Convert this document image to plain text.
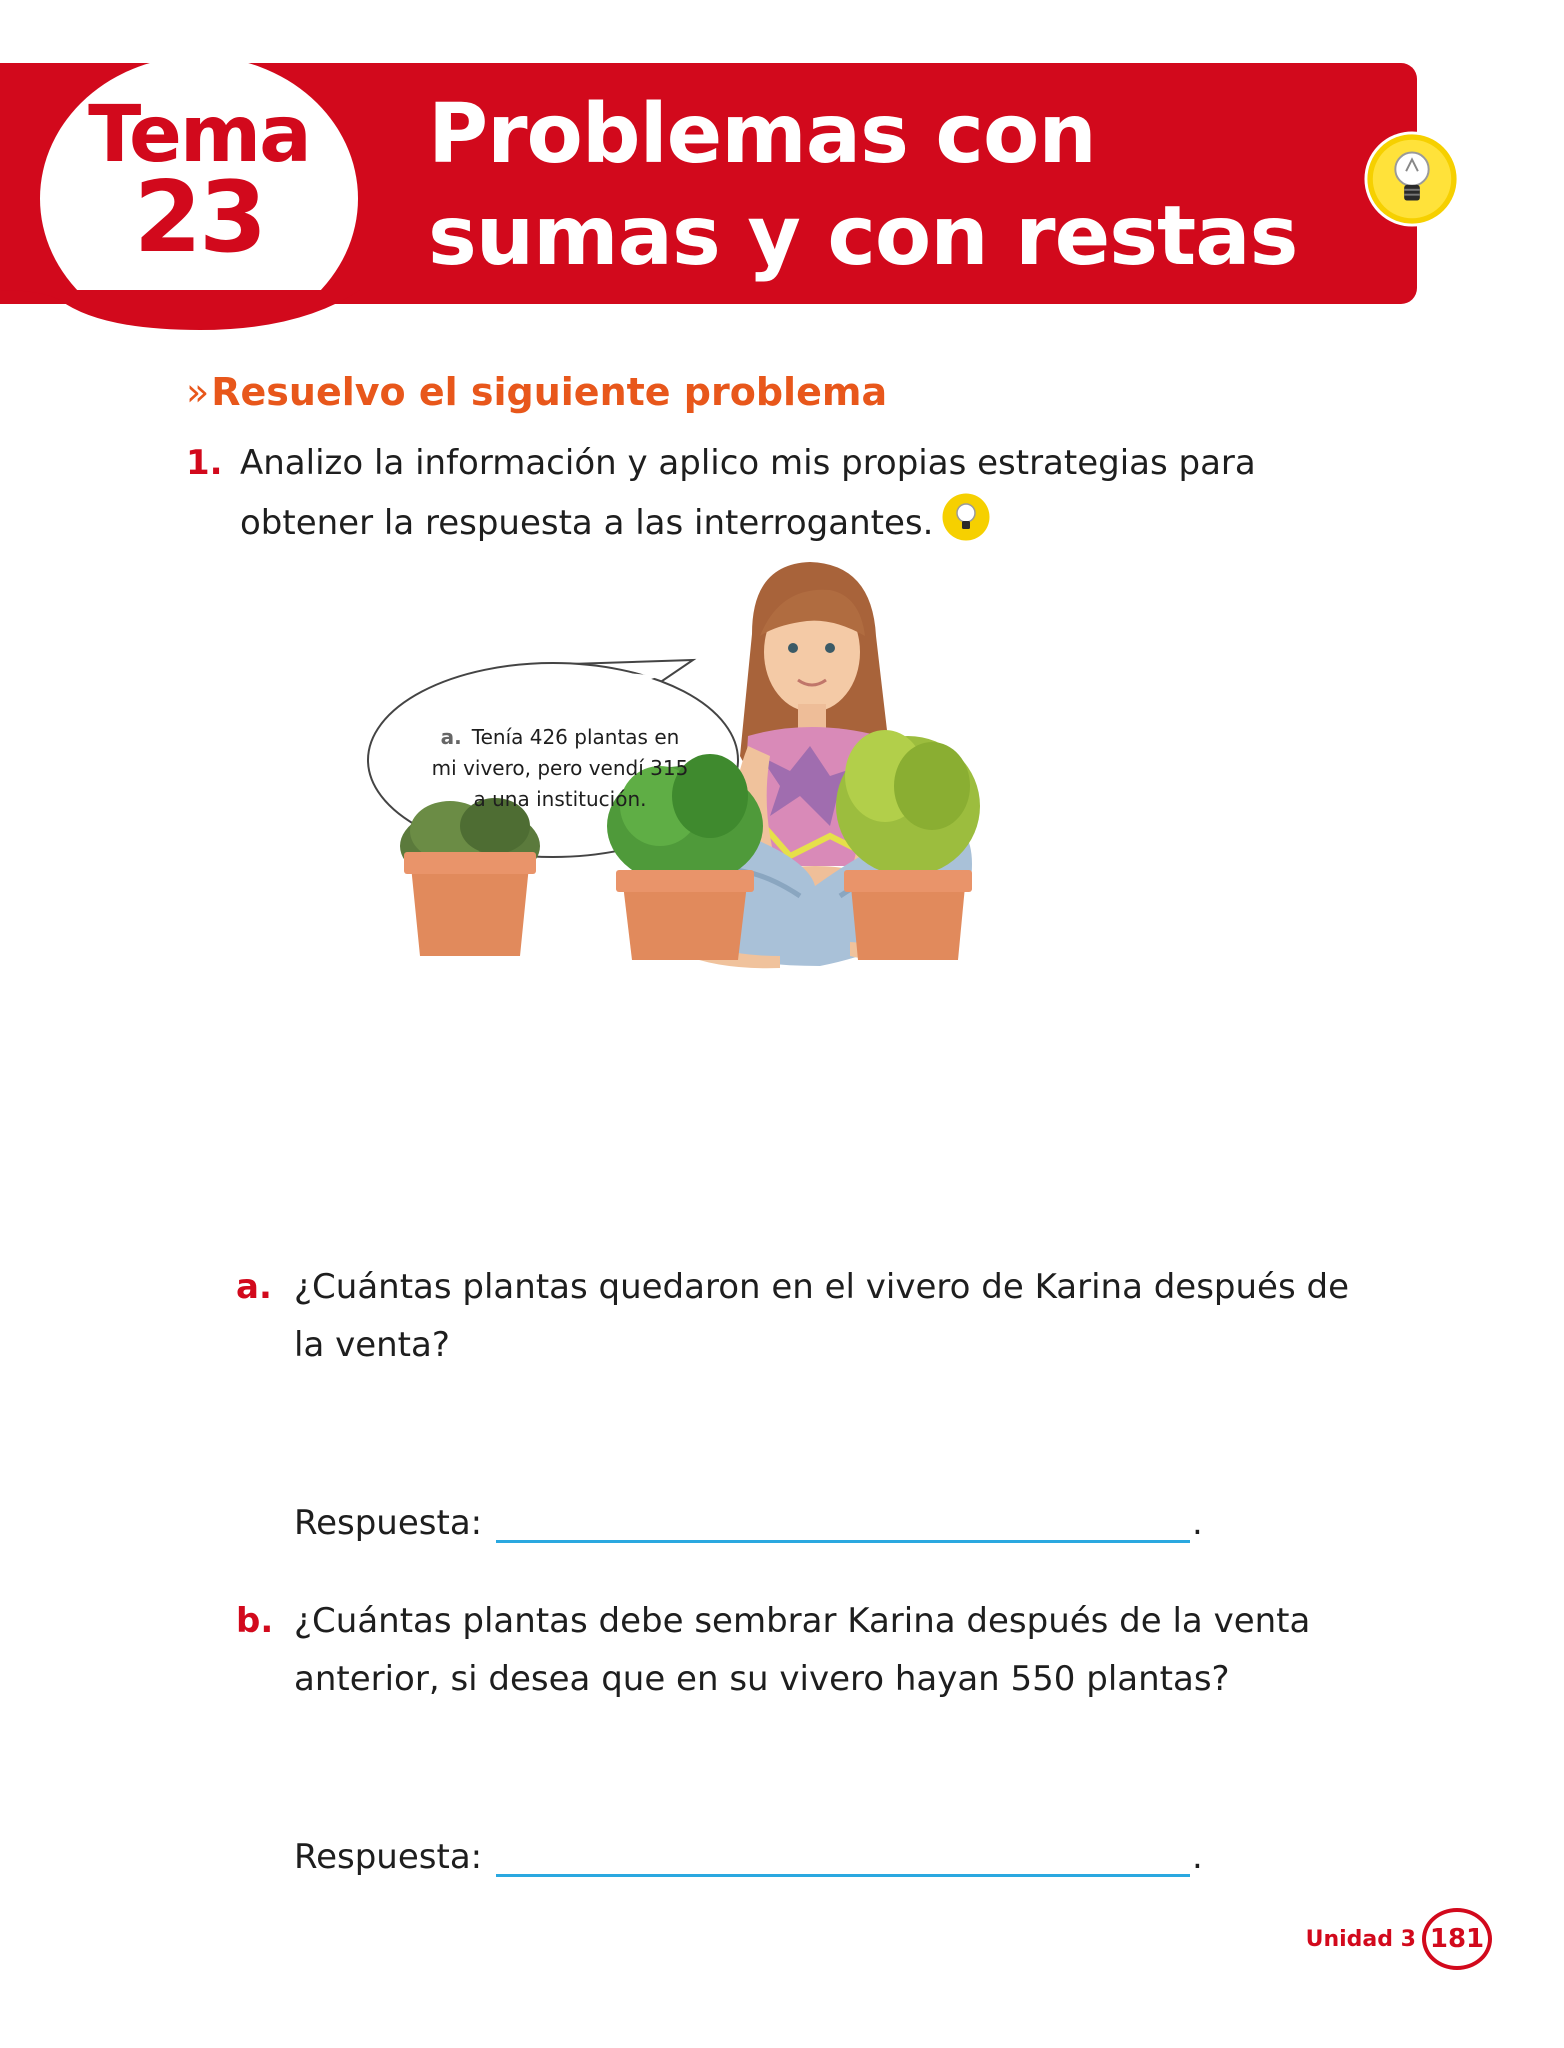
Tema
23
Problemas con
sumas y con restas
»Resuelvo el siguiente problema
1. Analizo la información y aplico mis propias estrategias para obtener la respuesta a las interrogantes.
a. Tenía 426 plantas en
mi vivero, pero vendí 315
a una institución.
a. ¿Cuántas plantas quedaron en el vivero de Karina después de
la venta?
Respuesta:	.
b. ¿Cuántas plantas debe sembrar Karina después de la venta
anterior, si desea que en su vivero hayan 550 plantas?
Respuesta:	.
Unidad 3 181
